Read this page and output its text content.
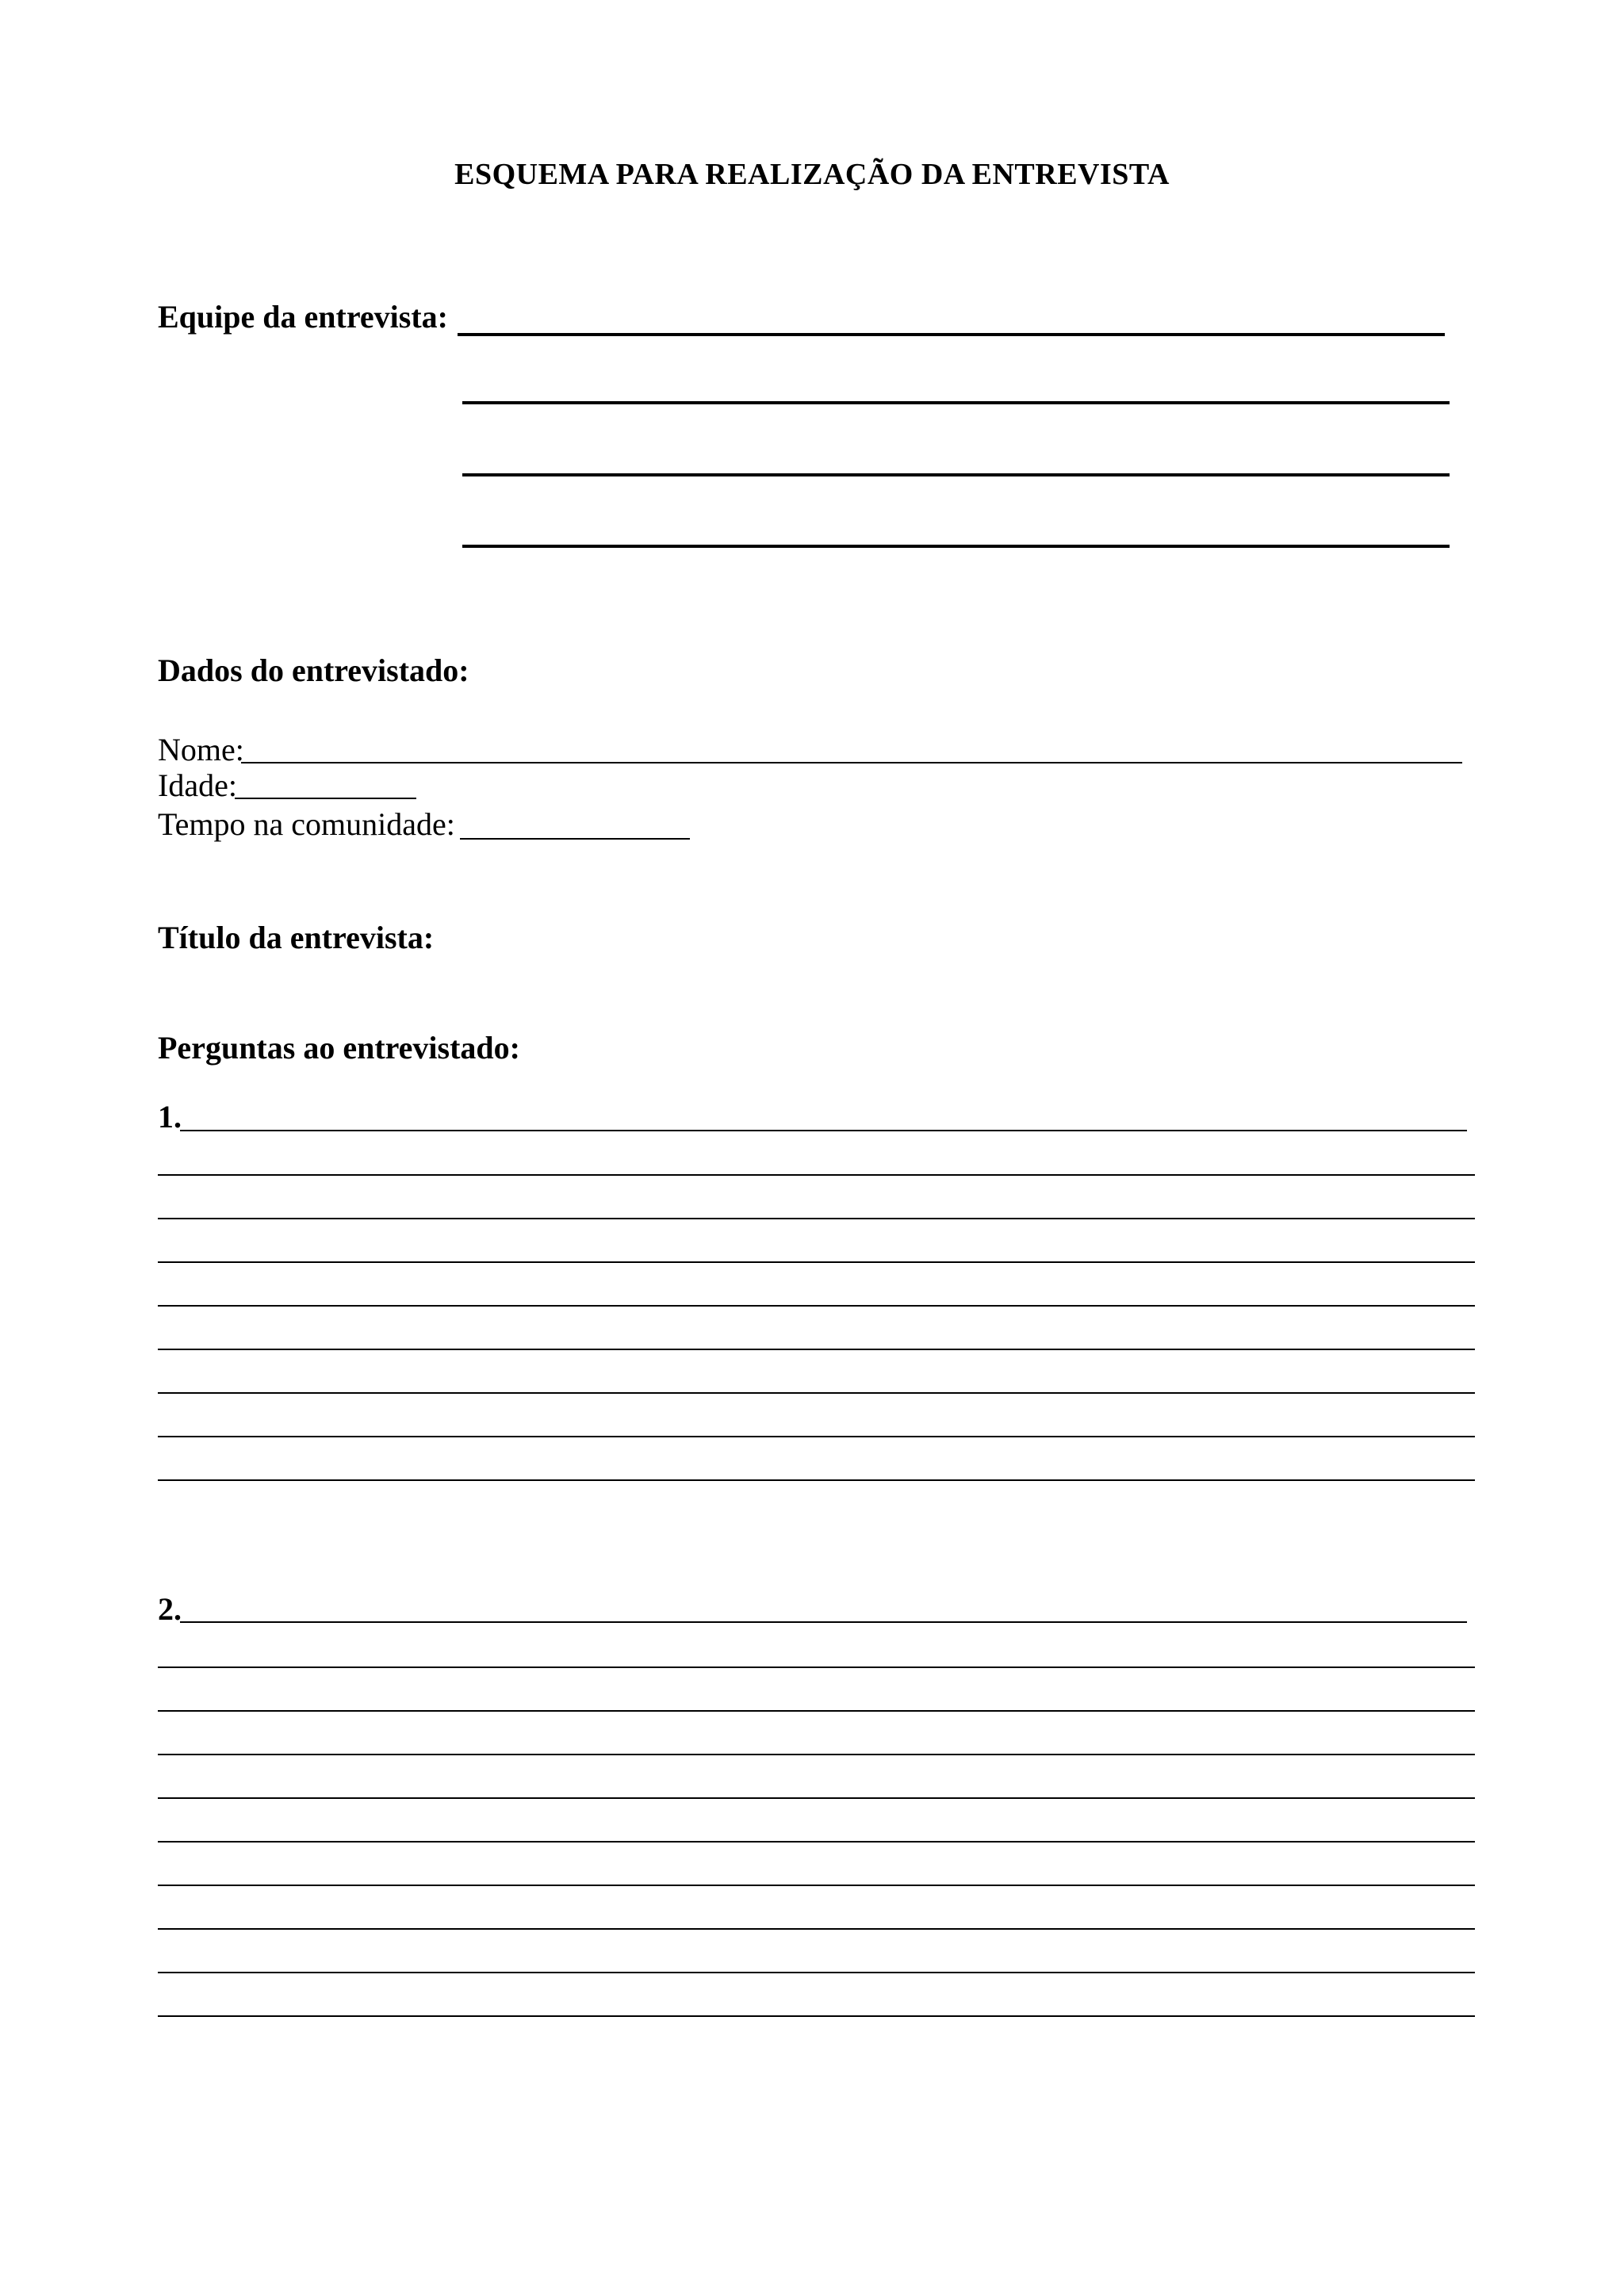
ESQUEMA PARA REALIZAÇÃO DA ENTREVISTA
Equipe da entrevista:
Dados do entrevistado:
Nome:
Idade:
Tempo na comunidade:
Título da entrevista:
Perguntas ao entrevistado:
1.
2.
